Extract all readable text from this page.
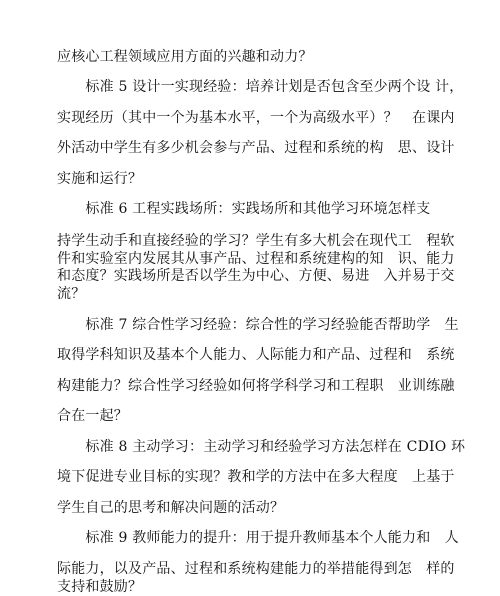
应核心工程领域应用方面的兴趣和动力？
　　标准 5 设计一实现经验：培养计划是否包含至少两个设 计，
实现经历（其中一个为基本水平，一个为高级水平）？　在课内
外活动中学生有多少机会参与产品、过程和系统的构　思、设计
实施和运行？
　　标准 6 工程实践场所：实践场所和其他学习环境怎样支
持学生动手和直接经验的学习？学生有多大机会在现代工　程软
件和实验室内发展其从事产品、过程和系统建构的知　识、能力
和态度？实践场所是否以学生为中心、方便、易进　入并易于交
流？
　　标准 7 综合性学习经验：综合性的学习经验能否帮助学　生
取得学科知识及基本个人能力、人际能力和产品、过程和　系统
构建能力？综合性学习经验如何将学科学习和工程职　业训练融
合在一起？
　　标准 8 主动学习：主动学习和经验学习方法怎样在 CDIO 环
境下促进专业目标的实现？教和学的方法中在多大程度　上基于
学生自己的思考和解决问题的活动？
　　标准 9 教师能力的提升：用于提升教师基本个人能力和　人
际能力，以及产品、过程和系统构建能力的举措能得到怎　样的
支持和鼓励？
